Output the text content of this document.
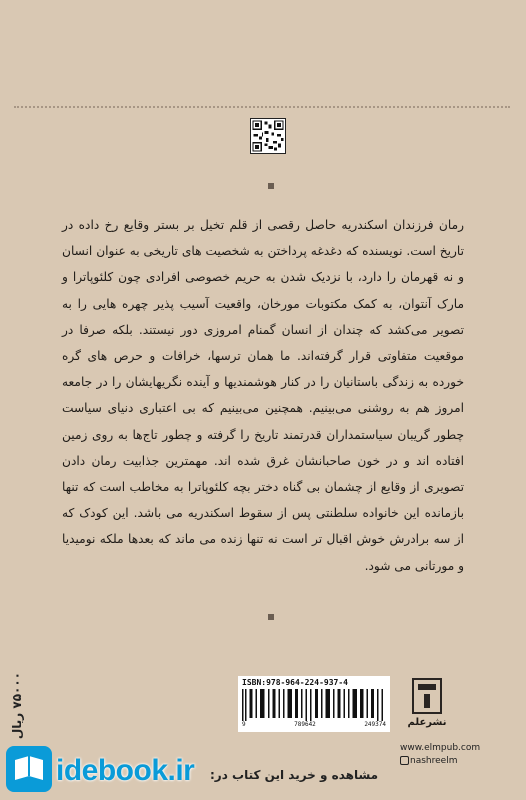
رمان فرزندان اسکندریه حاصل رقصی از قلم تخیل بر بستر وقایع رخ داده در تاریخ است. نویسنده که دغدغه پرداختن به شخصیت های تاریخی به عنوان انسان و نه قهرمان را دارد، با نزدیک شدن به حریم خصوصی افرادی چون کلئوپاترا و مارک آنتوان، به کمک مکتوبات مورخان، واقعیت آسیب پذیر چهره هایی را به تصویر می‌کشد که چندان از انسان گمنام امروزی دور نیستند. بلکه صرفا در موقعیت متفاوتی قرار گرفته‌اند. ما همان ترسها، خرافات و حرص های گره خورده به زندگی باستانیان را در کنار هوشمندیها و آینده نگریهایشان را در جامعه امروز هم به روشنی می‌بینیم. همچنین می‌بینیم که بی اعتباری دنیای سیاست چطور گریبان سیاستمداران قدرتمند تاریخ را گرفته و چطور تاج‌ها به روی زمین افتاده اند و در خون صاحبانشان غرق شده اند. مهمترین جذابیت رمان دادن تصویری از وقایع از چشمان بی گناه دختر بچه کلئوپاترا به مخاطب است که تنها بازمانده این خانواده سلطنتی پس از سقوط اسکندریه می باشد. این کودک که از سه برادرش خوش اقبال تر است نه تنها زنده می ماند که بعدها ملکه نومیدیا و مورتانی می شود.

۷۵۰۰۰ ریال	ISBN:978-964-224-937-4
9	789642	249374 نشرعلم
www.elmpub.com
nashreelm
idebook.ir مشاهده و خرید این کتاب در:
